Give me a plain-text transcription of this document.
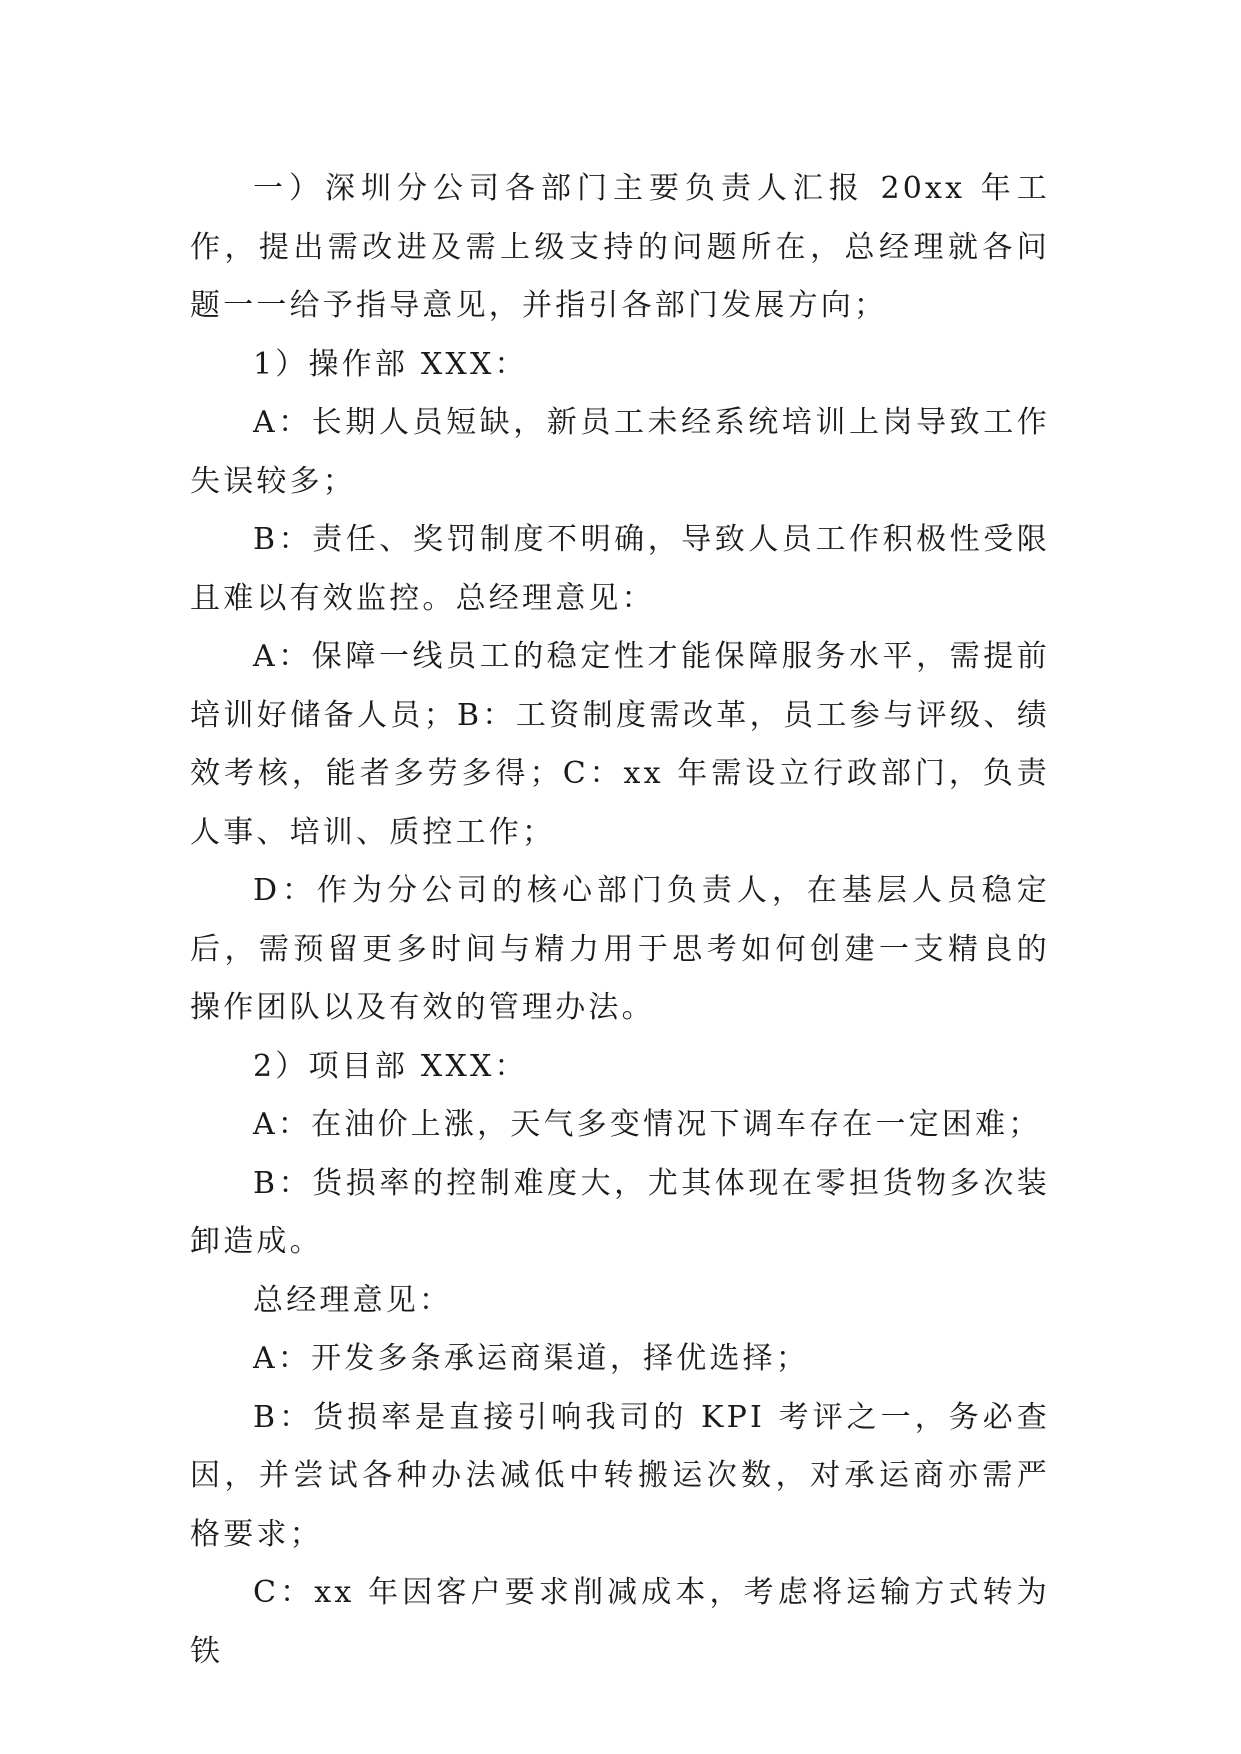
一）深圳分公司各部门主要负责人汇报 20xx 年工作，提出需改进及需上级支持的问题所在，总经理就各问题一一给予指导意见，并指引各部门发展方向；

1）操作部 XXX：

A：长期人员短缺，新员工未经系统培训上岗导致工作失误较多；

B：责任、奖罚制度不明确，导致人员工作积极性受限且难以有效监控。总经理意见：

A：保障一线员工的稳定性才能保障服务水平，需提前培训好储备人员；B：工资制度需改革，员工参与评级、绩效考核，能者多劳多得；C：xx 年需设立行政部门，负责人事、培训、质控工作；

D：作为分公司的核心部门负责人，在基层人员稳定后，需预留更多时间与精力用于思考如何创建一支精良的操作团队以及有效的管理办法。

2）项目部 XXX：

A：在油价上涨，天气多变情况下调车存在一定困难；

B：货损率的控制难度大，尤其体现在零担货物多次装卸造成。

总经理意见：

A：开发多条承运商渠道，择优选择；

B：货损率是直接引响我司的 KPI 考评之一，务必查因，并尝试各种办法减低中转搬运次数，对承运商亦需严格要求；

C：xx 年因客户要求削减成本，考虑将运输方式转为铁
